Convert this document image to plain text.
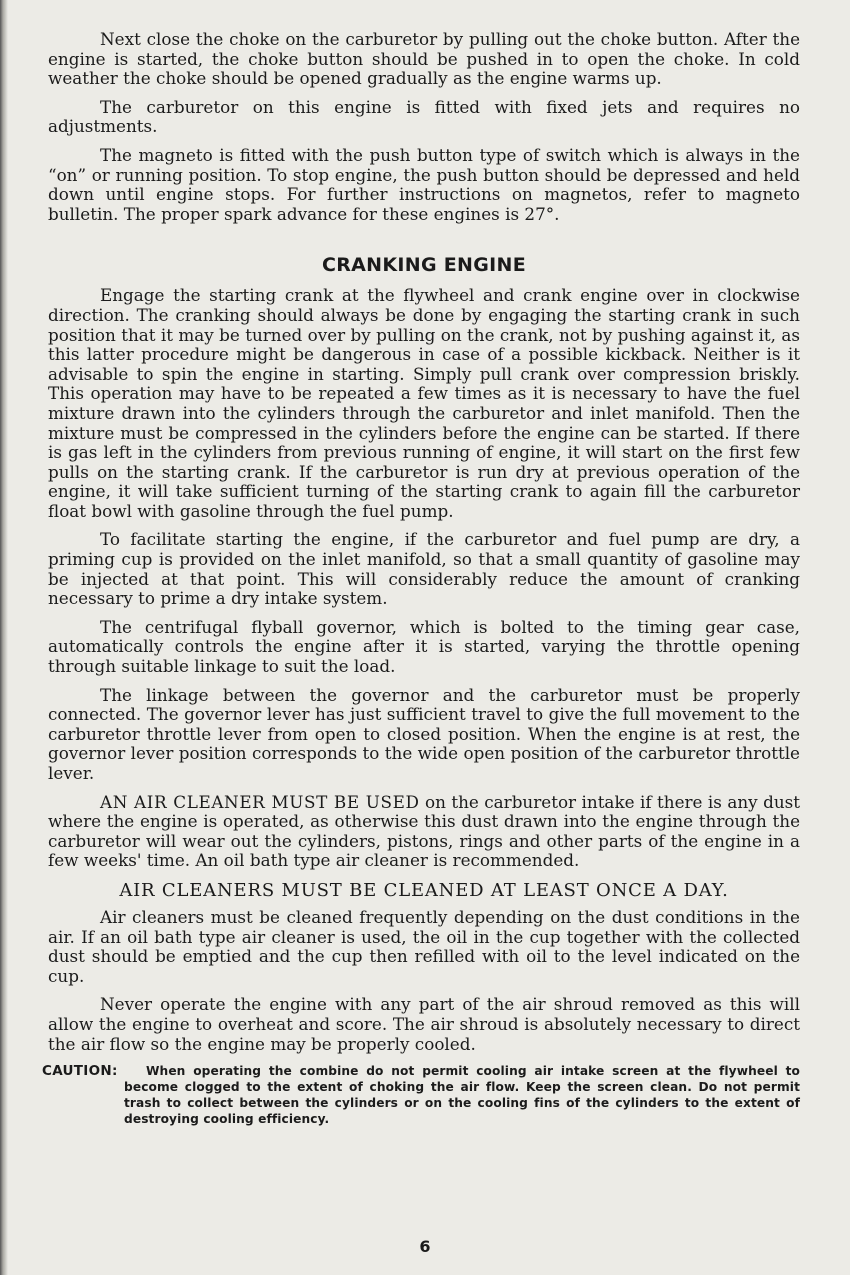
Next close the choke on the carburetor by pulling out the choke button. After the engine is started, the choke button should be pushed in to open the choke. In cold weather the choke should be opened gradually as the engine warms up.

The carburetor on this engine is fitted with fixed jets and requires no adjustments.

The magneto is fitted with the push button type of switch which is always in the “on” or running position. To stop engine, the push button should be depressed and held down until engine stops. For further instructions on magnetos, refer to magneto bulletin. The proper spark advance for these engines is 27°.

CRANKING ENGINE

Engage the starting crank at the flywheel and crank engine over in clockwise direction. The cranking should always be done by engaging the starting crank in such position that it may be turned over by pulling on the crank, not by pushing against it, as this latter procedure might be dangerous in case of a possible kickback. Neither is it advisable to spin the engine in starting. Simply pull crank over compression briskly. This operation may have to be repeated a few times as it is necessary to have the fuel mixture drawn into the cylinders through the carburetor and inlet manifold. Then the mixture must be compressed in the cylinders before the engine can be started. If there is gas left in the cylinders from previous running of engine, it will start on the first few pulls on the starting crank. If the carburetor is run dry at previous operation of the engine, it will take sufficient turning of the starting crank to again fill the carburetor float bowl with gasoline through the fuel pump.

To facilitate starting the engine, if the carburetor and fuel pump are dry, a priming cup is provided on the inlet manifold, so that a small quantity of gasoline may be injected at that point. This will considerably reduce the amount of cranking necessary to prime a dry intake system.

The centrifugal flyball governor, which is bolted to the timing gear case, automatically controls the engine after it is started, varying the throttle opening through suitable linkage to suit the load.

The linkage between the governor and the carburetor must be properly connected. The governor lever has just sufficient travel to give the full movement to the carburetor throttle lever from open to closed position. When the engine is at rest, the governor lever position corresponds to the wide open position of the carburetor throttle lever.

AN AIR CLEANER MUST BE USED on the carburetor intake if there is any dust where the engine is operated, as otherwise this dust drawn into the engine through the carburetor will wear out the cylinders, pistons, rings and other parts of the engine in a few weeks' time. An oil bath type air cleaner is recommended.

AIR CLEANERS MUST BE CLEANED AT LEAST ONCE A DAY.

Air cleaners must be cleaned frequently depending on the dust conditions in the air. If an oil bath type air cleaner is used, the oil in the cup together with the collected dust should be emptied and the cup then refilled with oil to the level indicated on the cup.

Never operate the engine with any part of the air shroud removed as this will allow the engine to overheat and score. The air shroud is absolutely necessary to direct the air flow so the engine may be properly cooled.

CAUTION:	When operating the combine do not permit cooling air intake screen at the flywheel to become clogged to the extent of choking the air flow. Keep the screen clean. Do not permit trash to collect between the cylinders or on the cooling fins of the cylinders to the extent of destroying cooling efficiency.
6
